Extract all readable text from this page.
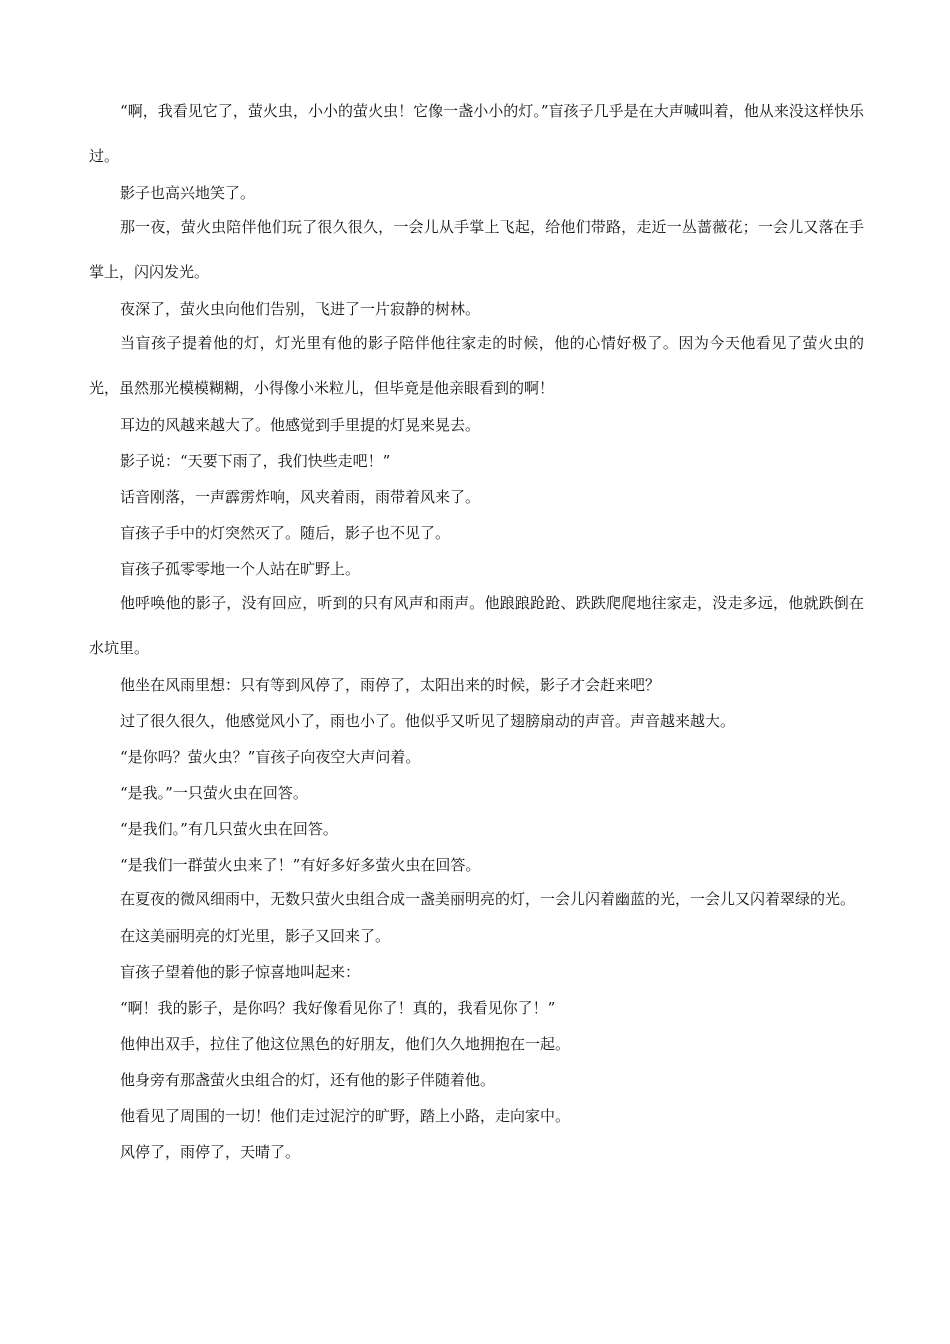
“啊，我看见它了，萤火虫，小小的萤火虫！它像一盏小小的灯。”盲孩子几乎是在大声喊叫着，他从来没这样快乐过。

影子也高兴地笑了。

那一夜，萤火虫陪伴他们玩了很久很久，一会儿从手掌上飞起，给他们带路，走近一丛蔷薇花；一会儿又落在手掌上，闪闪发光。

夜深了，萤火虫向他们告别，飞进了一片寂静的树林。

当盲孩子提着他的灯，灯光里有他的影子陪伴他往家走的时候，他的心情好极了。因为今天他看见了萤火虫的光，虽然那光模模糊糊，小得像小米粒儿，但毕竟是他亲眼看到的啊！

耳边的风越来越大了。他感觉到手里提的灯晃来晃去。

影子说：“天要下雨了，我们快些走吧！”

话音刚落，一声霹雳炸响，风夹着雨，雨带着风来了。

盲孩子手中的灯突然灭了。随后，影子也不见了。

盲孩子孤零零地一个人站在旷野上。

他呼唤他的影子，没有回应，听到的只有风声和雨声。他踉踉跄跄、跌跌爬爬地往家走，没走多远，他就跌倒在水坑里。

他坐在风雨里想：只有等到风停了，雨停了，太阳出来的时候，影子才会赶来吧？

过了很久很久，他感觉风小了，雨也小了。他似乎又听见了翅膀扇动的声音。声音越来越大。

“是你吗？萤火虫？”盲孩子向夜空大声问着。

“是我。”一只萤火虫在回答。

“是我们。”有几只萤火虫在回答。

“是我们一群萤火虫来了！”有好多好多萤火虫在回答。

在夏夜的微风细雨中，无数只萤火虫组合成一盏美丽明亮的灯，一会儿闪着幽蓝的光，一会儿又闪着翠绿的光。

在这美丽明亮的灯光里，影子又回来了。

盲孩子望着他的影子惊喜地叫起来：

“啊！我的影子，是你吗？我好像看见你了！真的，我看见你了！”

他伸出双手，拉住了他这位黑色的好朋友，他们久久地拥抱在一起。

他身旁有那盏萤火虫组合的灯，还有他的影子伴随着他。

他看见了周围的一切！他们走过泥泞的旷野，踏上小路，走向家中。

风停了，雨停了，天晴了。
